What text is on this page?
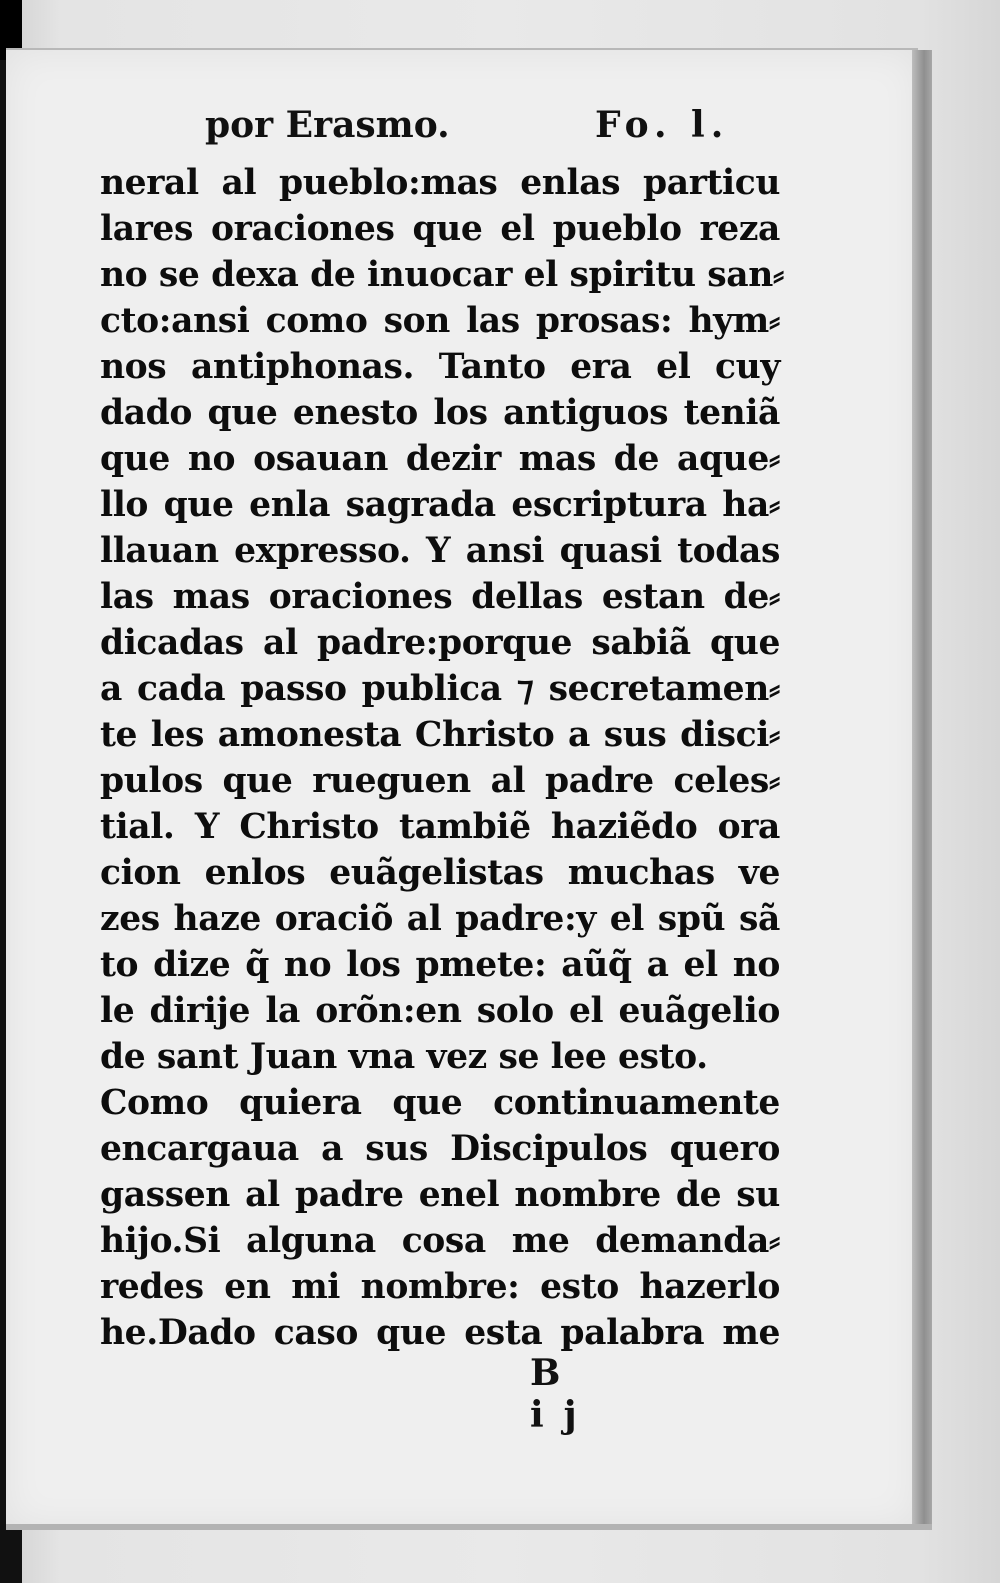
por Erasmo.	Fo. l.
neral al pueblo:mas enlas particu
lares oraciones que el pueblo reza
no se dexa de inuocar el spiritu san⸗
cto:ansi como son las prosas: hym⸗
nos antiphonas. Tanto era el cuy
dado que enesto los antiguos teniã
que no osauan dezir mas de aque⸗
llo que enla sagrada escriptura ha⸗
llauan expresso. Y ansi quasi todas
las mas oraciones dellas estan de⸗
dicadas al padre:porque sabiã que
a cada passo publica ⁊ secretamen⸗
te les amonesta Christo a sus disci⸗
pulos que rueguen al padre celes⸗
tial. Y Christo tambiẽ haziẽdo ora
cion enlos euãgelistas muchas ve
zes haze oraciõ al padre:y el spũ sã
to dize q̃ no los pmete: aũq̃ a el no
le dirije la orõn:en solo el euãgelio
de sant Juan vna vez se lee esto.
Como quiera que continuamente
encargaua a sus Discipulos quero
gassen al padre enel nombre de su
hijo.Si alguna cosa me demanda⸗
redes en mi nombre: esto hazerlo
he.Dado caso que esta palabra me
B ij
